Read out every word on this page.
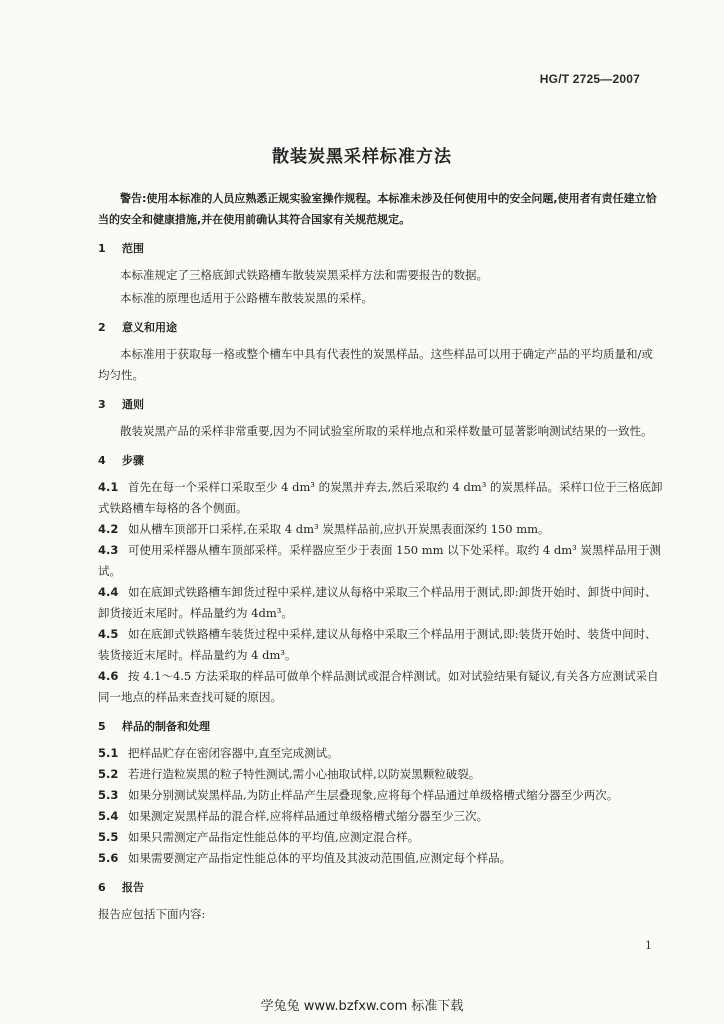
HG/T 2725—2007
散装炭黑采样标准方法

警告:使用本标准的人员应熟悉正规实验室操作规程。本标准未涉及任何使用中的安全问题,使用者有责任建立恰当的安全和健康措施,并在使用前确认其符合国家有关规范规定。

1 范围

本标准规定了三格底卸式铁路槽车散装炭黑采样方法和需要报告的数据。

本标准的原理也适用于公路槽车散装炭黑的采样。

2 意义和用途

本标准用于获取每一格或整个槽车中具有代表性的炭黑样品。这些样品可以用于确定产品的平均质量和/或均匀性。

3 通则

散装炭黑产品的采样非常重要,因为不同试验室所取的采样地点和采样数量可显著影响测试结果的一致性。

4 步骤

4.1 首先在每一个采样口采取至少 4 dm³ 的炭黑并弃去,然后采取约 4 dm³ 的炭黑样品。采样口位于三格底卸式铁路槽车每格的各个侧面。

4.2 如从槽车顶部开口采样,在采取 4 dm³ 炭黑样品前,应扒开炭黑表面深约 150 mm。

4.3 可使用采样器从槽车顶部采样。采样器应至少于表面 150 mm 以下处采样。取约 4 dm³ 炭黑样品用于测试。

4.4 如在底卸式铁路槽车卸货过程中采样,建议从每格中采取三个样品用于测试,即:卸货开始时、卸货中间时、卸货接近末尾时。样品量约为 4dm³。

4.5 如在底卸式铁路槽车装货过程中采样,建议从每格中采取三个样品用于测试,即:装货开始时、装货中间时、装货接近末尾时。样品量约为 4 dm³。

4.6 按 4.1～4.5 方法采取的样品可做单个样品测试或混合样测试。如对试验结果有疑议,有关各方应测试采自同一地点的样品来查找可疑的原因。

5 样品的制备和处理

5.1 把样品贮存在密闭容器中,直至完成测试。

5.2 若进行造粒炭黑的粒子特性测试,需小心抽取试样,以防炭黑颗粒破裂。

5.3 如果分别测试炭黑样品,为防止样品产生层叠现象,应将每个样品通过单级格槽式缩分器至少两次。

5.4 如果测定炭黑样品的混合样,应将样品通过单级格槽式缩分器至少三次。

5.5 如果只需测定产品指定性能总体的平均值,应测定混合样。

5.6 如果需要测定产品指定性能总体的平均值及其波动范围值,应测定每个样品。

6 报告

报告应包括下面内容:

1
学兔兔 www.bzfxw.com 标准下载
